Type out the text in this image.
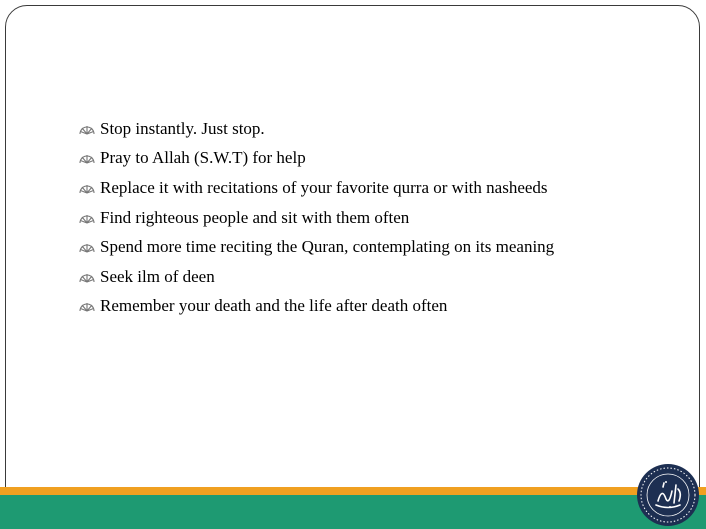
Stop instantly. Just stop.
Pray to Allah (S.W.T) for help
Replace it with recitations of your favorite qurra or with nasheeds
Find righteous people and sit with them often
Spend more time reciting the Quran, contemplating on its meaning
Seek ilm of deen
Remember your death and the life after death often
